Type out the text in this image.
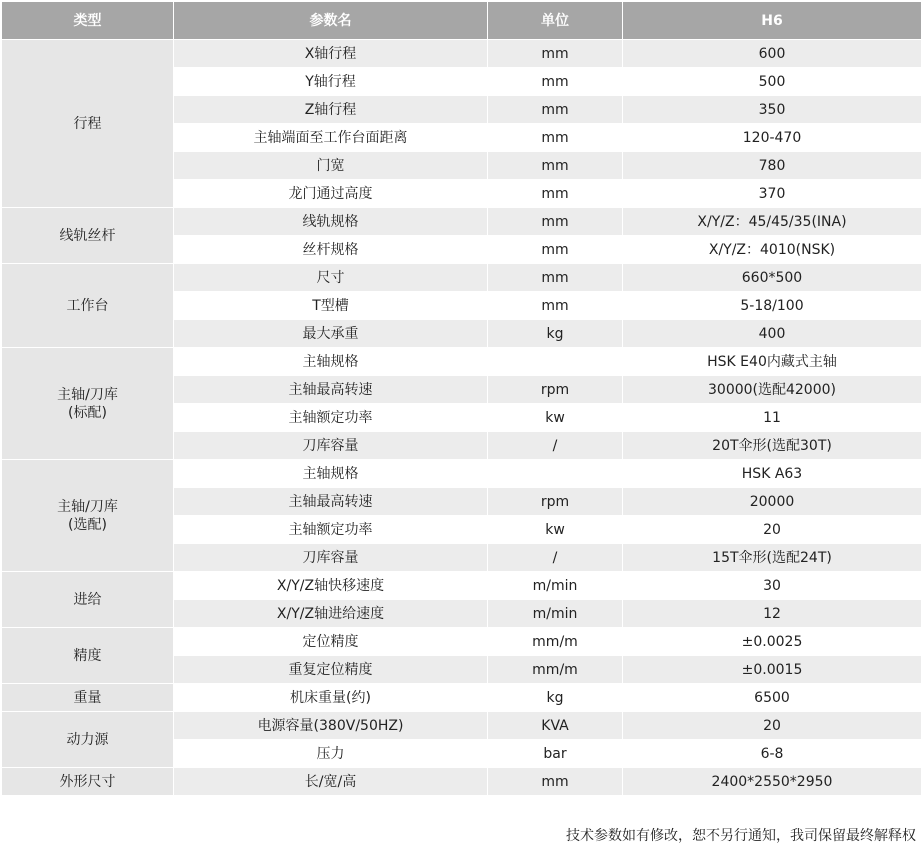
类型	参数名	单位	H6

行程	X轴行程	mm	600
	Y轴行程	mm	500
	Z轴行程	mm	350
	主轴端面至工作台面距离	mm	120-470
	门宽	mm	780
	龙门通过高度	mm	370

线轨丝杆	线轨规格	mm	X/Y/Z：45/45/35(INA)
	丝杆规格	mm	X/Y/Z：4010(NSK)

工作台	尺寸	mm	660*500
	T型槽	mm	5-18/100
	最大承重	kg	400

主轴/刀库
(标配)	主轴规格		HSK E40内藏式主轴
	主轴最高转速	rpm	30000(选配42000)
	主轴额定功率	kw	11
	刀库容量	/	20T伞形(选配30T)

主轴/刀库
(选配)	主轴规格		HSK A63
	主轴最高转速	rpm	20000
	主轴额定功率	kw	20
	刀库容量	/	15T伞形(选配24T)

进给	X/Y/Z轴快移速度	m/min	30
	X/Y/Z轴进给速度	m/min	12

精度	定位精度	mm/m	±0.0025
	重复定位精度	mm/m	±0.0015

重量	机床重量(约)	kg	6500

动力源	电源容量(380V/50HZ)	KVA	20
	压力	bar	6-8

外形尺寸	长/宽/高	mm	2400*2550*2950
技术参数如有修改，恕不另行通知，我司保留最终解释权
